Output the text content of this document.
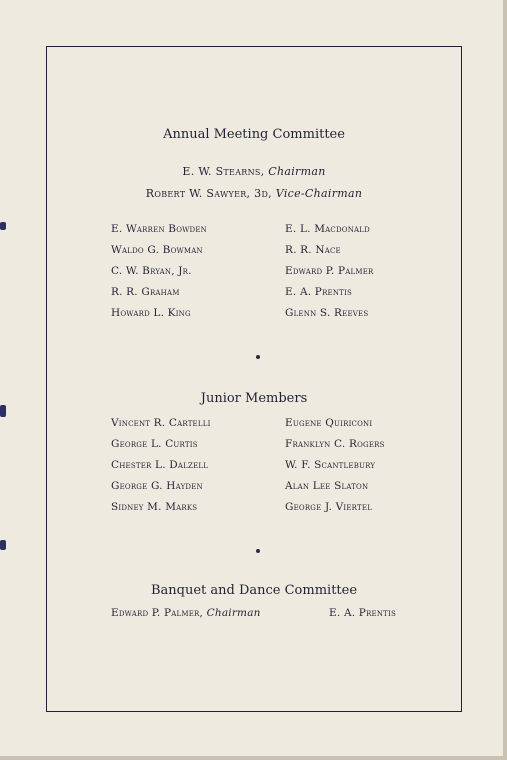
Annual Meeting Committee
E. W. Stearns, Chairman
Robert W. Sawyer, 3d, Vice-Chairman
E. Warren Bowden
Waldo G. Bowman
C. W. Bryan, Jr.
R. R. Graham
Howard L. King
E. L. Macdonald
R. R. Nace
Edward P. Palmer
E. A. Prentis
Glenn S. Reeves
Junior Members
Vincent R. Cartelli
George L. Curtis
Chester L. Dalzell
George G. Hayden
Sidney M. Marks
Eugene Quiriconi
Franklyn C. Rogers
W. F. Scantlebury
Alan Lee Slaton
George J. Viertel
Banquet and Dance Committee
Edward P. Palmer, Chairman	E. A. Prentis
